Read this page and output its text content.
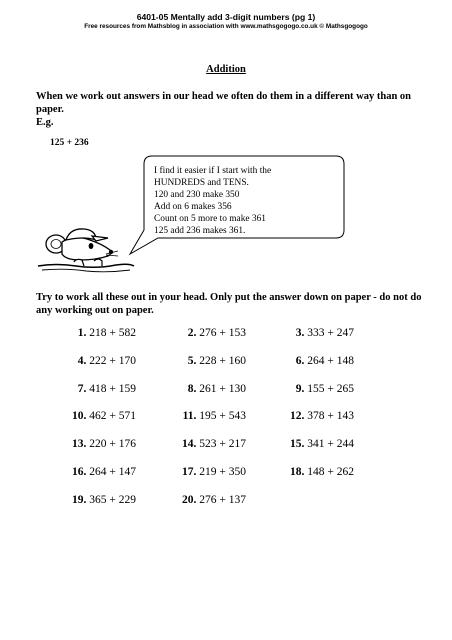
6401-05 Mentally add 3-digit numbers (pg 1)
Free resources from Mathsblog in association with www.mathsgogogo.co.uk © Mathsgogogo
Addition
When we work out answers in our head we often do them in a different way than on paper.
E.g.
125 + 236
I find it easier if I start with the
HUNDREDS and TENS.
120 and 230 make 350
Add on 6 makes 356
Count on 5 more to make 361
125 add 236 makes 361.
Try to work all these out in your head. Only put the answer down on paper - do not do any working out on paper.
1. 218 + 582	2. 276 + 153	3. 333 + 247
4. 222 + 170	5. 228 + 160	6. 264 + 148
7. 418 + 159	8. 261 + 130	9. 155 + 265
10. 462 + 571	11. 195 + 543	12. 378 + 143
13. 220 + 176	14. 523 + 217	15. 341 + 244
16. 264 + 147	17. 219 + 350	18. 148 + 262
19. 365 + 229	20. 276 + 137
